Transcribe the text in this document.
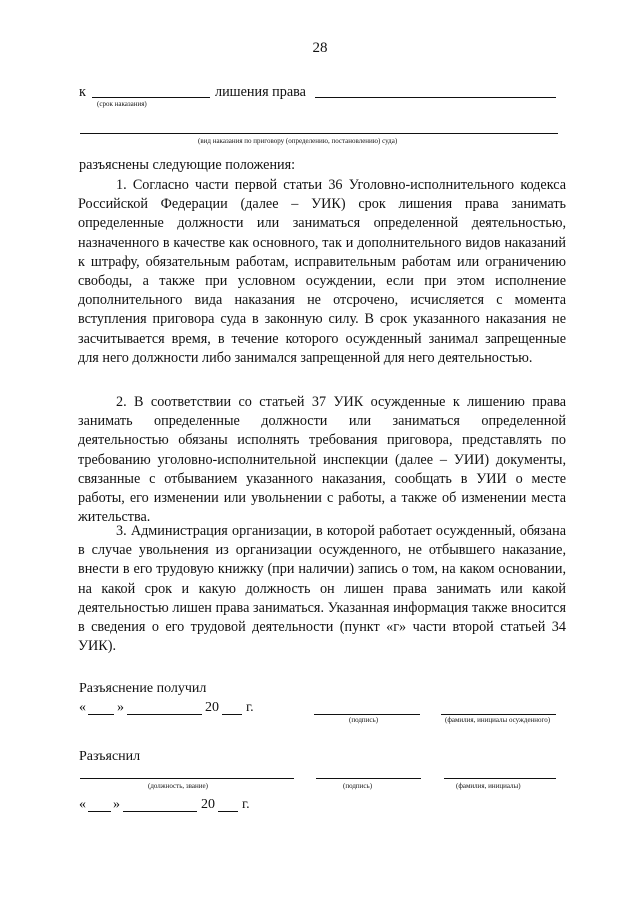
28
к	лишения права
(срок наказания)
(вид наказания по приговору (определению, постановлению) суда)
разъяснены следующие положения:

1. Согласно части первой статьи 36 Уголовно-исполнительного кодекса Российской Федерации (далее – УИК) срок лишения права занимать определенные должности или заниматься определенной деятельностью, назначенного в качестве как основного, так и дополнительного видов наказаний к штрафу, обязательным работам, исправительным работам или ограничению свободы, а также при условном осуждении, если при этом исполнение дополнительного вида наказания не отсрочено, исчисляется с момента вступления приговора суда в законную силу. В срок указанного наказания не засчитывается время, в течение которого осужденный занимал запрещенные для него должности либо занимался запрещенной для него деятельностью.

2. В соответствии со статьей 37 УИК осужденные к лишению права занимать определенные должности или заниматься определенной деятельностью обязаны исполнять требования приговора, представлять по требованию уголовно-исполнительной инспекции (далее – УИИ) документы, связанные с отбыванием указанного наказания, сообщать в УИИ о месте работы, его изменении или увольнении с работы, а также об изменении места жительства.

3. Администрация организации, в которой работает осужденный, обязана в случае увольнения из организации осужденного, не отбывшего наказание, внести в его трудовую книжку (при наличии) запись о том, на каком основании, на какой срок и какую должность он лишен права занимать или какой деятельностью лишен права заниматься. Указанная информация также вносится в сведения о его трудовой деятельности (пункт «г» части второй статьей 34 УИК).

Разъяснение получил
« »	20 г.
(подпись)	(фамилия, инициалы осужденного)
Разъяснил
(должность, звание)	(подпись)	(фамилия, инициалы)
« »	20 г.
